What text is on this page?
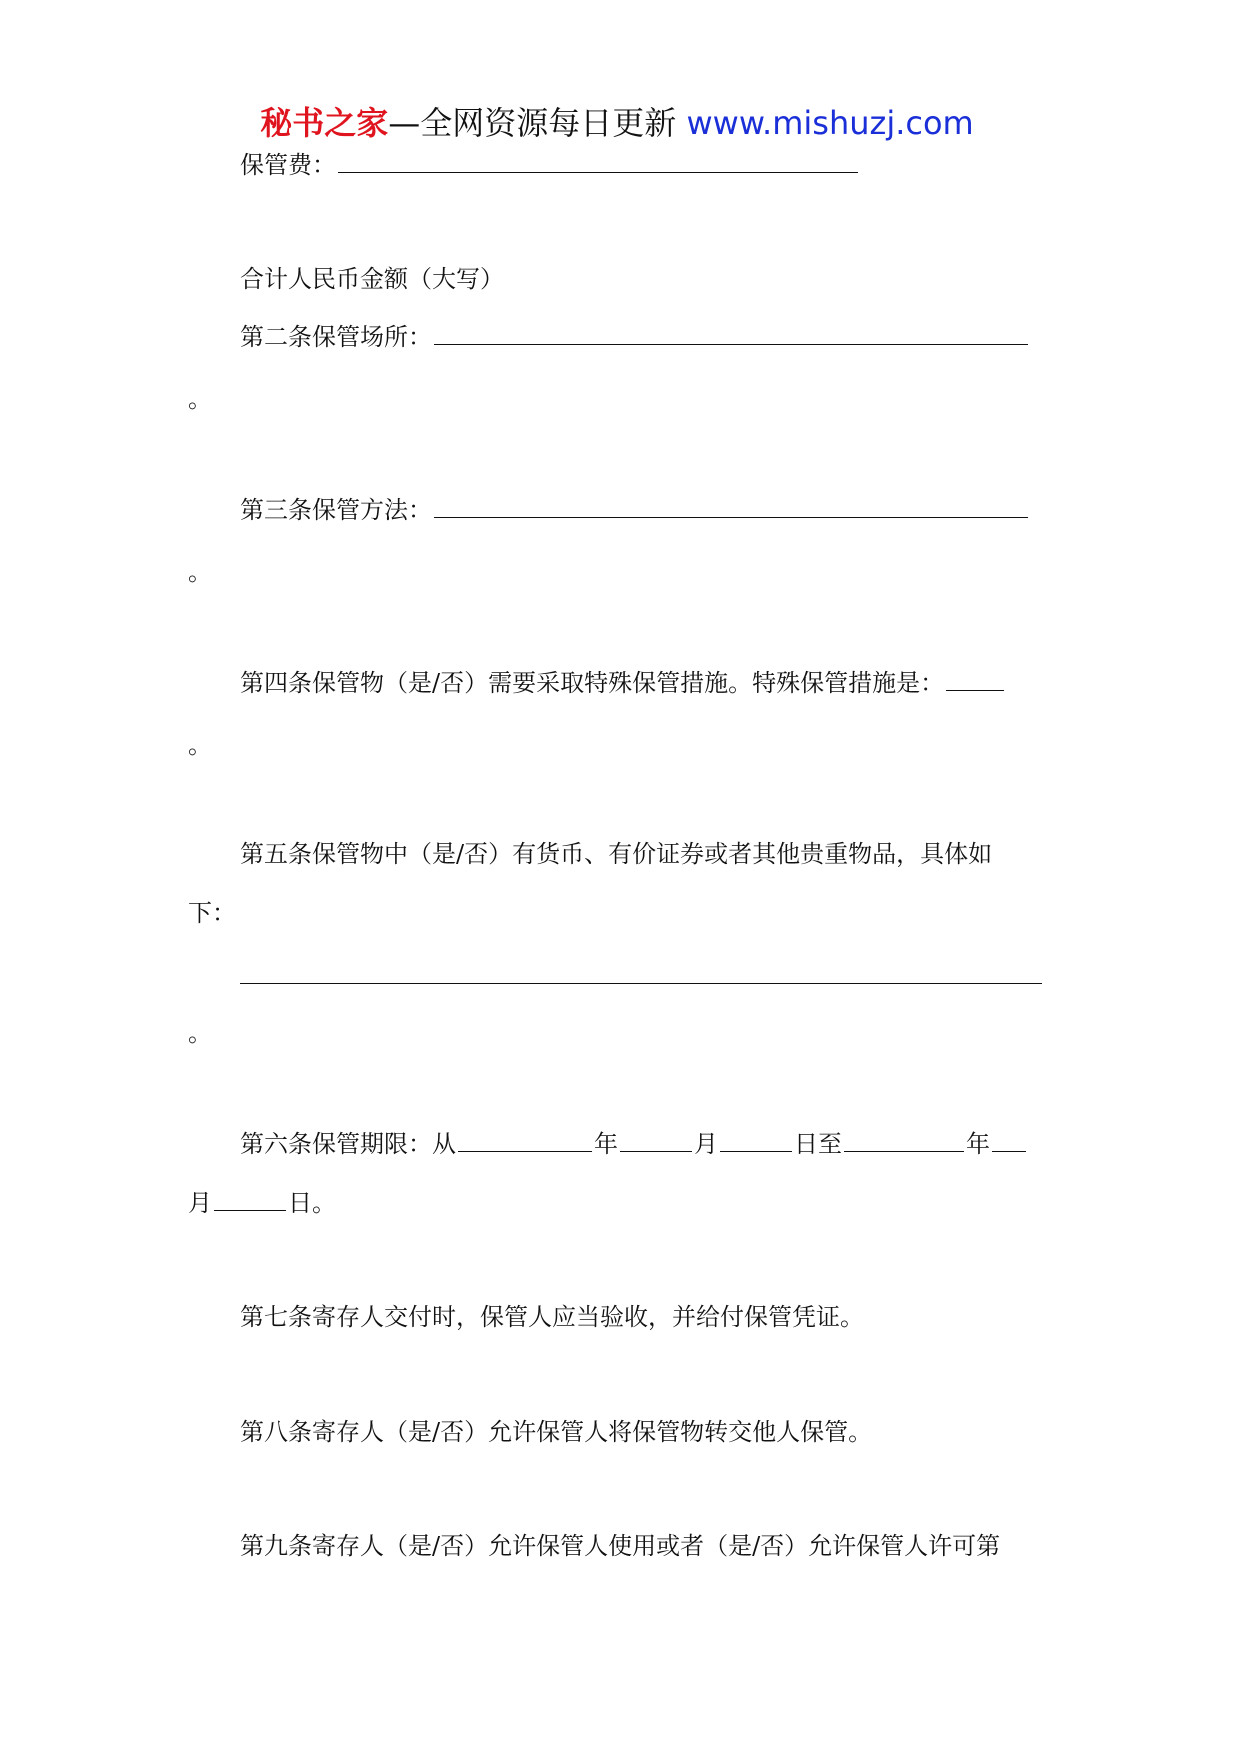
秘书之家—全网资源每日更新 www.mishuzj.com
保管费：
合计人民币金额（大写）
第二条保管场所：
。
第三条保管方法：
。
第四条保管物（是/否）需要采取特殊保管措施。特殊保管措施是：
。
第五条保管物中（是/否）有货币、有价证券或者其他贵重物品，具体如
下：
。
第六条保管期限：从	年	月	日至	年
月	日。
第七条寄存人交付时，保管人应当验收，并给付保管凭证。
第八条寄存人（是/否）允许保管人将保管物转交他人保管。
第九条寄存人（是/否）允许保管人使用或者（是/否）允许保管人许可第
